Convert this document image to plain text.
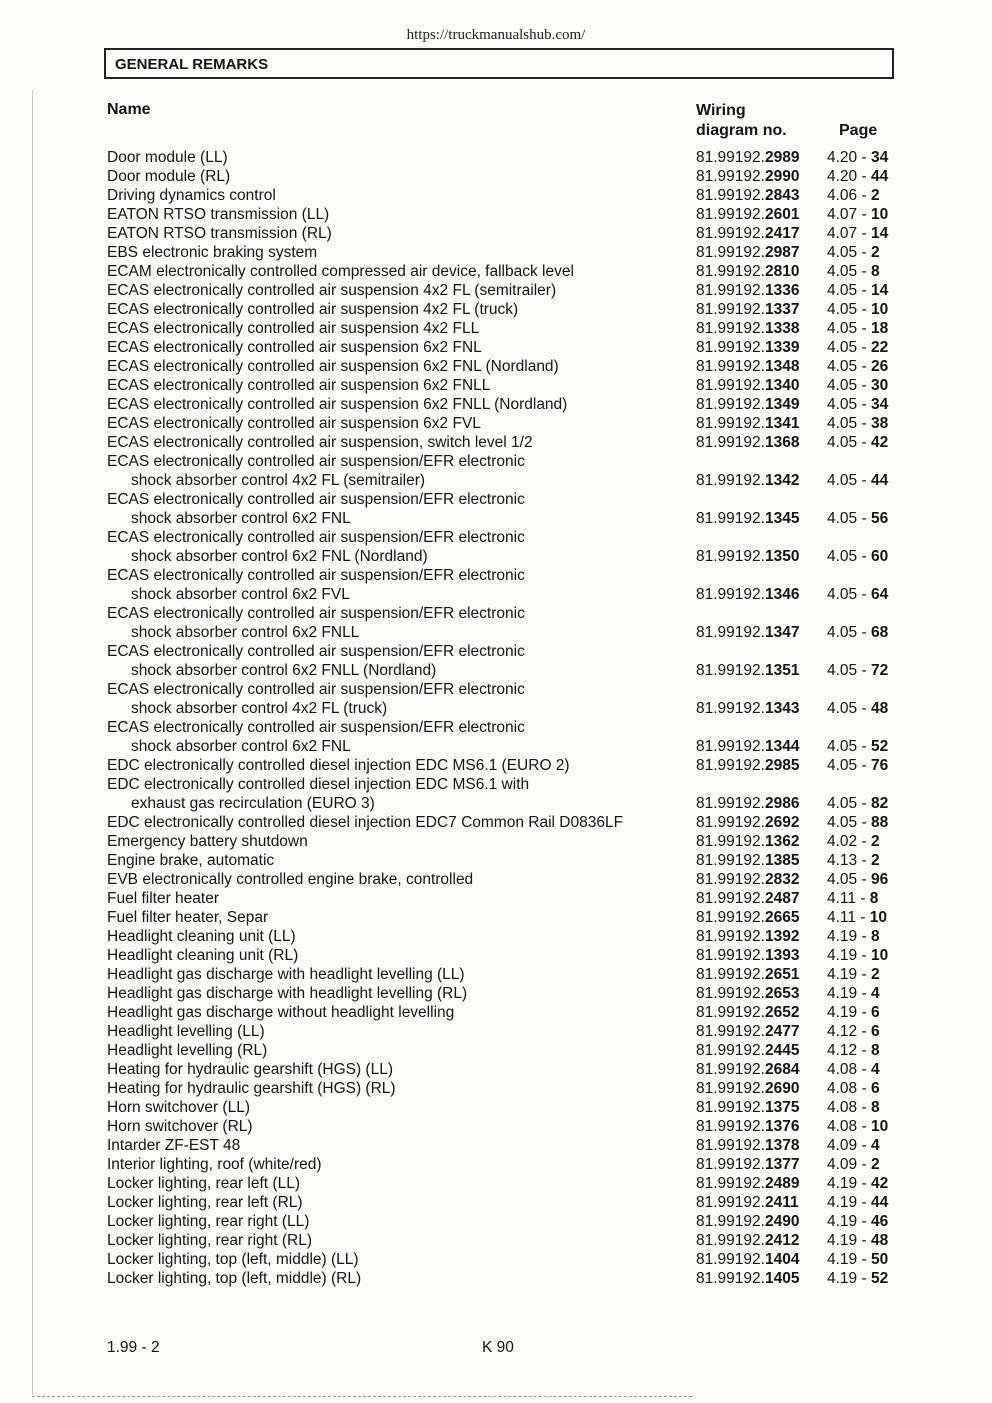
https://truckmanualshub.com/
GENERAL REMARKS
Name	Wiring
diagram no.	Page
Door module (LL)	81.99192.2989 4.20 - 34
Door module (RL)	81.99192.2990 4.20 - 44
Driving dynamics control	81.99192.2843 4.06 - 2
EATON RTSO transmission (LL)	81.99192.2601 4.07 - 10
EATON RTSO transmission (RL)	81.99192.2417 4.07 - 14
EBS electronic braking system	81.99192.2987 4.05 - 2
ECAM electronically controlled compressed air device, fallback level	81.99192.2810 4.05 - 8
ECAS electronically controlled air suspension 4x2 FL (semitrailer)	81.99192.1336 4.05 - 14
ECAS electronically controlled air suspension 4x2 FL (truck)	81.99192.1337 4.05 - 10
ECAS electronically controlled air suspension 4x2 FLL	81.99192.1338 4.05 - 18
ECAS electronically controlled air suspension 6x2 FNL	81.99192.1339 4.05 - 22
ECAS electronically controlled air suspension 6x2 FNL (Nordland)	81.99192.1348 4.05 - 26
ECAS electronically controlled air suspension 6x2 FNLL	81.99192.1340 4.05 - 30
ECAS electronically controlled air suspension 6x2 FNLL (Nordland)	81.99192.1349 4.05 - 34
ECAS electronically controlled air suspension 6x2 FVL	81.99192.1341 4.05 - 38
ECAS electronically controlled air suspension, switch level 1/2	81.99192.1368 4.05 - 42
ECAS electronically controlled air suspension/EFR electronic
shock absorber control 4x2 FL (semitrailer)	81.99192.1342 4.05 - 44
ECAS electronically controlled air suspension/EFR electronic
shock absorber control 6x2 FNL	81.99192.1345 4.05 - 56
ECAS electronically controlled air suspension/EFR electronic
shock absorber control 6x2 FNL (Nordland)	81.99192.1350 4.05 - 60
ECAS electronically controlled air suspension/EFR electronic
shock absorber control 6x2 FVL	81.99192.1346 4.05 - 64
ECAS electronically controlled air suspension/EFR electronic
shock absorber control 6x2 FNLL	81.99192.1347 4.05 - 68
ECAS electronically controlled air suspension/EFR electronic
shock absorber control 6x2 FNLL (Nordland)	81.99192.1351 4.05 - 72
ECAS electronically controlled air suspension/EFR electronic
shock absorber control 4x2 FL (truck)	81.99192.1343 4.05 - 48
ECAS electronically controlled air suspension/EFR electronic
shock absorber control 6x2 FNL	81.99192.1344 4.05 - 52
EDC electronically controlled diesel injection EDC MS6.1 (EURO 2)	81.99192.2985 4.05 - 76
EDC electronically controlled diesel injection EDC MS6.1 with
exhaust gas recirculation (EURO 3)	81.99192.2986 4.05 - 82
EDC electronically controlled diesel injection EDC7 Common Rail D0836LF	81.99192.2692 4.05 - 88
Emergency battery shutdown	81.99192.1362 4.02 - 2
Engine brake, automatic	81.99192.1385 4.13 - 2
EVB electronically controlled engine brake, controlled	81.99192.2832 4.05 - 96
Fuel filter heater	81.99192.2487 4.11 - 8
Fuel filter heater, Separ	81.99192.2665 4.11 - 10
Headlight cleaning unit (LL)	81.99192.1392 4.19 - 8
Headlight cleaning unit (RL)	81.99192.1393 4.19 - 10
Headlight gas discharge with headlight levelling (LL)	81.99192.2651 4.19 - 2
Headlight gas discharge with headlight levelling (RL)	81.99192.2653 4.19 - 4
Headlight gas discharge without headlight levelling	81.99192.2652 4.19 - 6
Headlight levelling (LL)	81.99192.2477 4.12 - 6
Headlight levelling (RL)	81.99192.2445 4.12 - 8
Heating for hydraulic gearshift (HGS) (LL)	81.99192.2684 4.08 - 4
Heating for hydraulic gearshift (HGS) (RL)	81.99192.2690 4.08 - 6
Horn switchover (LL)	81.99192.1375 4.08 - 8
Horn switchover (RL)	81.99192.1376 4.08 - 10
Intarder ZF-EST 48	81.99192.1378 4.09 - 4
Interior lighting, roof (white/red)	81.99192.1377 4.09 - 2
Locker lighting, rear left (LL)	81.99192.2489 4.19 - 42
Locker lighting, rear left (RL)	81.99192.2411 4.19 - 44
Locker lighting, rear right (LL)	81.99192.2490 4.19 - 46
Locker lighting, rear right (RL)	81.99192.2412 4.19 - 48
Locker lighting, top (left, middle) (LL)	81.99192.1404 4.19 - 50
Locker lighting, top (left, middle) (RL)	81.99192.1405 4.19 - 52
1.99 - 2	K 90
